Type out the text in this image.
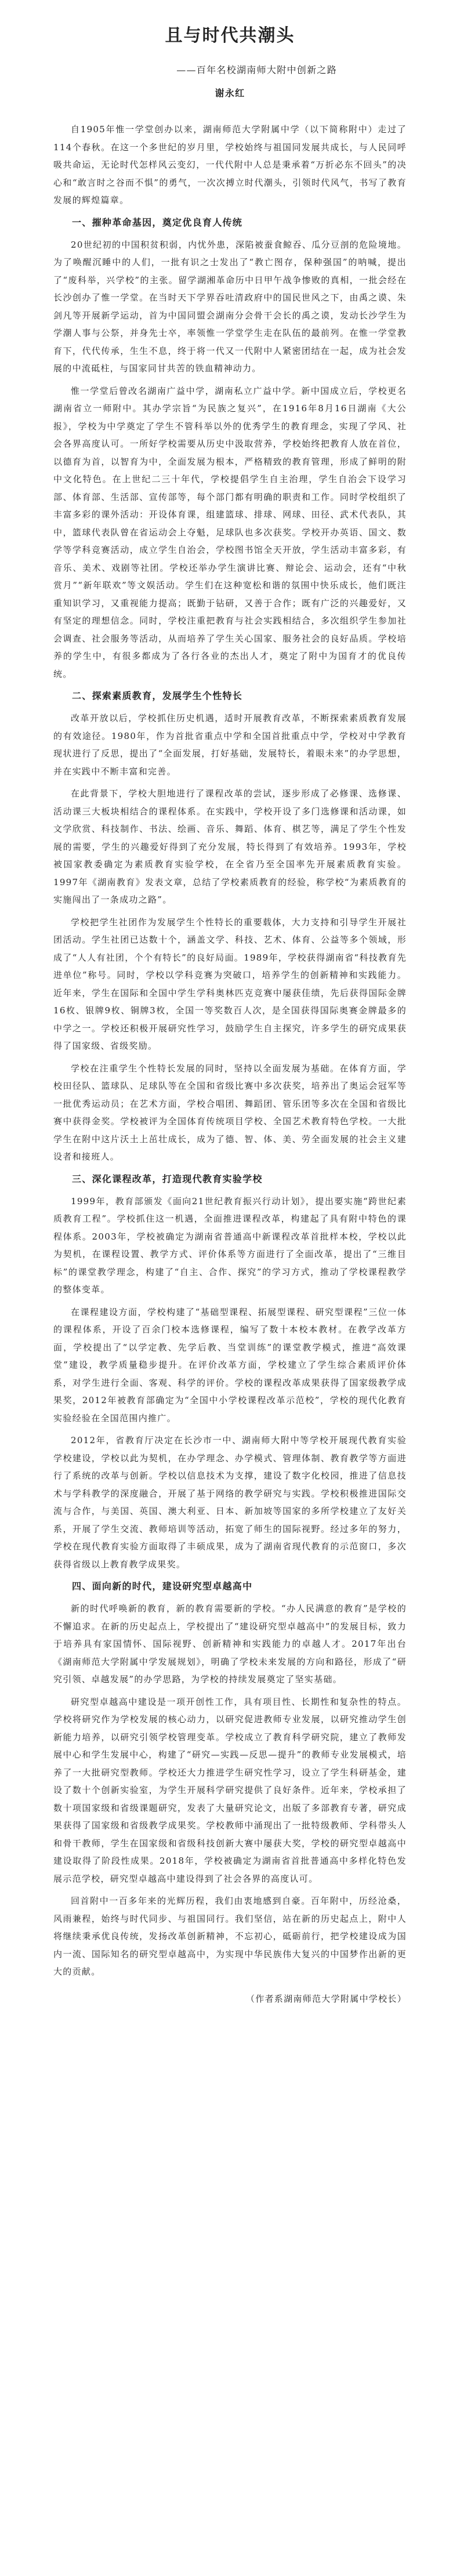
且与时代共潮头
——百年名校湖南师大附中创新之路
谢永红

自1905年惟一学堂创办以来，湖南师范大学附属中学（以下简称附中）走过了114个春秋。在这一个多世纪的岁月里，学校始终与祖国同发展共成长，与人民同呼吸共命运，无论时代怎样风云变幻，一代代附中人总是秉承着“万折必东不回头”的决心和“敢言时之谷而不惧”的勇气，一次次搏立时代潮头，引领时代风气，书写了教育发展的辉煌篇章。

一、摧种革命基因，奠定优良育人传统

20世纪初的中国积贫积弱，内忧外患，深陷被蚕食鲸吞、瓜分豆剖的危险境地。为了唤醒沉睡中的人们，一批有识之士发出了“教亡图存，保种强国”的呐喊，提出了“废科举，兴学校”的主张。留学湖湘革命历中日甲午战争惨败的真相，一批会经在长沙创办了惟一学堂。在当时天下学界吞吐清政府中的国民世风之下，由禹之谟、朱剑凡等开展新学运动，首为中国同盟会湖南分会骨干会长的禹之谟，发动长沙学生为学潮人事与公祭，并身先士卒，率领惟一学堂学生走在队伍的最前列。在惟一学堂教育下，代代传承，生生不息，终于将一代又一代附中人紧密团结在一起，成为社会发展的中流砥柱，与国家同甘共苦的铁血精神动力。

惟一学堂后曾改名湖南广益中学，湖南私立广益中学。新中国成立后，学校更名湖南省立一师附中。其办学宗旨“为民族之复兴”，在1916年8月16日湖南《大公报》，学校为中学奠定了学生不管科举以外的优秀学生的教育理念，实现了学风、社会各界高度认可。一所好学校需要从历史中汲取营养，学校始终把教育人放在首位，以德育为首，以智育为中，全面发展为根本，严格精致的教育管理，形成了鲜明的附中文化特色。在上世纪二三十年代，学校提倡学生自主治理，学生自治会下设学习部、体育部、生活部、宣传部等，每个部门都有明确的职责和工作。同时学校组织了丰富多彩的课外活动：开设体育课，组建篮球、排球、网球、田径、武术代表队，其中，篮球代表队曾在省运动会上夺魁，足球队也多次获奖。学校开办英语、国文、数学等学科竞赛活动，成立学生自治会，学校图书馆全天开放，学生活动丰富多彩，有音乐、美术、戏剧等社团。学校还举办学生演讲比赛、辩论会、运动会，还有“中秋赏月”“新年联欢”等文娱活动。学生们在这种宽松和谐的氛围中快乐成长，他们既注重知识学习，又重视能力提高；既勤于钻研，又善于合作；既有广泛的兴趣爱好，又有坚定的理想信念。同时，学校注重把教育与社会实践相结合，多次组织学生参加社会调查、社会服务等活动，从而培养了学生关心国家、服务社会的良好品质。学校培养的学生中，有很多都成为了各行各业的杰出人才，奠定了附中为国育才的优良传统。

二、探索素质教育，发展学生个性特长

改革开放以后，学校抓住历史机遇，适时开展教育改革，不断探索素质教育发展的有效途径。1980年，作为首批省重点中学和全国首批重点中学，学校对中学教育现状进行了反思，提出了“全面发展，打好基础，发展特长，着眼未来”的办学思想，并在实践中不断丰富和完善。

在此背景下，学校大胆地进行了课程改革的尝试，逐步形成了必修课、选修课、活动课三大板块相结合的课程体系。在实践中，学校开设了多门选修课和活动课，如文学欣赏、科技制作、书法、绘画、音乐、舞蹈、体育、棋艺等，满足了学生个性发展的需要，学生的兴趣爱好得到了充分发展，特长得到了有效培养。1993年，学校被国家教委确定为素质教育实验学校，在全省乃至全国率先开展素质教育实验。1997年《湖南教育》发表文章，总结了学校素质教育的经验，称学校“为素质教育的实施闯出了一条成功之路”。

学校把学生社团作为发展学生个性特长的重要载体，大力支持和引导学生开展社团活动。学生社团已达数十个，涵盖文学、科技、艺术、体育、公益等多个领域，形成了“人人有社团，个个有特长”的良好局面。1989年，学校获得湖南省“科技教育先进单位”称号。同时，学校以学科竞赛为突破口，培养学生的创新精神和实践能力。近年来，学生在国际和全国中学生学科奥林匹克竞赛中屡获佳绩，先后获得国际金牌16枚、银牌9枚、铜牌3枚，全国一等奖数百人次，是全国获得国际奥赛金牌最多的中学之一。学校还积极开展研究性学习，鼓励学生自主探究，许多学生的研究成果获得了国家级、省级奖励。

学校在注重学生个性特长发展的同时，坚持以全面发展为基础。在体育方面，学校田径队、篮球队、足球队等在全国和省级比赛中多次获奖，培养出了奥运会冠军等一批优秀运动员；在艺术方面，学校合唱团、舞蹈团、管乐团等多次在全国和省级比赛中获得金奖。学校被评为全国体育传统项目学校、全国艺术教育特色学校。一大批学生在附中这片沃土上茁壮成长，成为了德、智、体、美、劳全面发展的社会主义建设者和接班人。

三、深化课程改革，打造现代教育实验学校

1999年，教育部颁发《面向21世纪教育振兴行动计划》，提出要实施“跨世纪素质教育工程”。学校抓住这一机遇，全面推进课程改革，构建起了具有附中特色的课程体系。2003年，学校被确定为湖南省普通高中新课程改革首批样本校，学校以此为契机，在课程设置、教学方式、评价体系等方面进行了全面改革，提出了“三维目标”的课堂教学理念，构建了“自主、合作、探究”的学习方式，推动了学校课程教学的整体变革。

在课程建设方面，学校构建了“基础型课程、拓展型课程、研究型课程”三位一体的课程体系，开设了百余门校本选修课程，编写了数十本校本教材。在教学改革方面，学校提出了“以学定教、先学后教、当堂训练”的课堂教学模式，推进“高效课堂”建设，教学质量稳步提升。在评价改革方面，学校建立了学生综合素质评价体系，对学生进行全面、客观、科学的评价。学校的课程改革成果获得了国家级教学成果奖，2012年被教育部确定为“全国中小学校课程改革示范校”，学校的现代化教育实验经验在全国范围内推广。

2012年，省教育厅决定在长沙市一中、湖南师大附中等学校开展现代教育实验学校建设，学校以此为契机，在办学理念、办学模式、管理体制、教育教学等方面进行了系统的改革与创新。学校以信息技术为支撑，建设了数字化校园，推进了信息技术与学科教学的深度融合，开展了基于网络的教学研究与实践。学校积极推进国际交流与合作，与美国、英国、澳大利亚、日本、新加坡等国家的多所学校建立了友好关系，开展了学生交流、教师培训等活动，拓宽了师生的国际视野。经过多年的努力，学校在现代教育实验方面取得了丰硕成果，成为了湖南省现代教育的示范窗口，多次获得省级以上教育教学成果奖。

四、面向新的时代，建设研究型卓越高中

新的时代呼唤新的教育，新的教育需要新的学校。“办人民满意的教育”是学校的不懈追求。在新的历史起点上，学校提出了“建设研究型卓越高中”的发展目标，致力于培养具有家国情怀、国际视野、创新精神和实践能力的卓越人才。2017年出台《湖南师范大学附属中学发展规划》，明确了学校未来发展的方向和路径，形成了“研究引领、卓越发展”的办学思路，为学校的持续发展奠定了坚实基础。

研究型卓越高中建设是一项开创性工作，具有项目性、长期性和复杂性的特点。学校将研究作为学校发展的核心动力，以研究促进教师专业发展，以研究推动学生创新能力培养，以研究引领学校管理变革。学校成立了教育科学研究院，建立了教师发展中心和学生发展中心，构建了“研究—实践—反思—提升”的教师专业发展模式，培养了一大批研究型教师。学校还大力推进学生研究性学习，设立了学生科研基金，建设了数十个创新实验室，为学生开展科学研究提供了良好条件。近年来，学校承担了数十项国家级和省级课题研究，发表了大量研究论文，出版了多部教育专著，研究成果获得了国家级和省级教学成果奖。学校教师中涌现出了一批特级教师、学科带头人和骨干教师，学生在国家级和省级科技创新大赛中屡获大奖，学校的研究型卓越高中建设取得了阶段性成果。2018年，学校被确定为湖南省首批普通高中多样化特色发展示范学校，研究型卓越高中建设得到了社会各界的高度认可。

回首附中一百多年来的光辉历程，我们由衷地感到自豪。百年附中，历经沧桑，风雨兼程，始终与时代同步、与祖国同行。我们坚信，站在新的历史起点上，附中人将继续秉承优良传统，发扬改革创新精神，不忘初心，砥砺前行，把学校建设成为国内一流、国际知名的研究型卓越高中，为实现中华民族伟大复兴的中国梦作出新的更大的贡献。

（作者系湖南师范大学附属中学校长）
